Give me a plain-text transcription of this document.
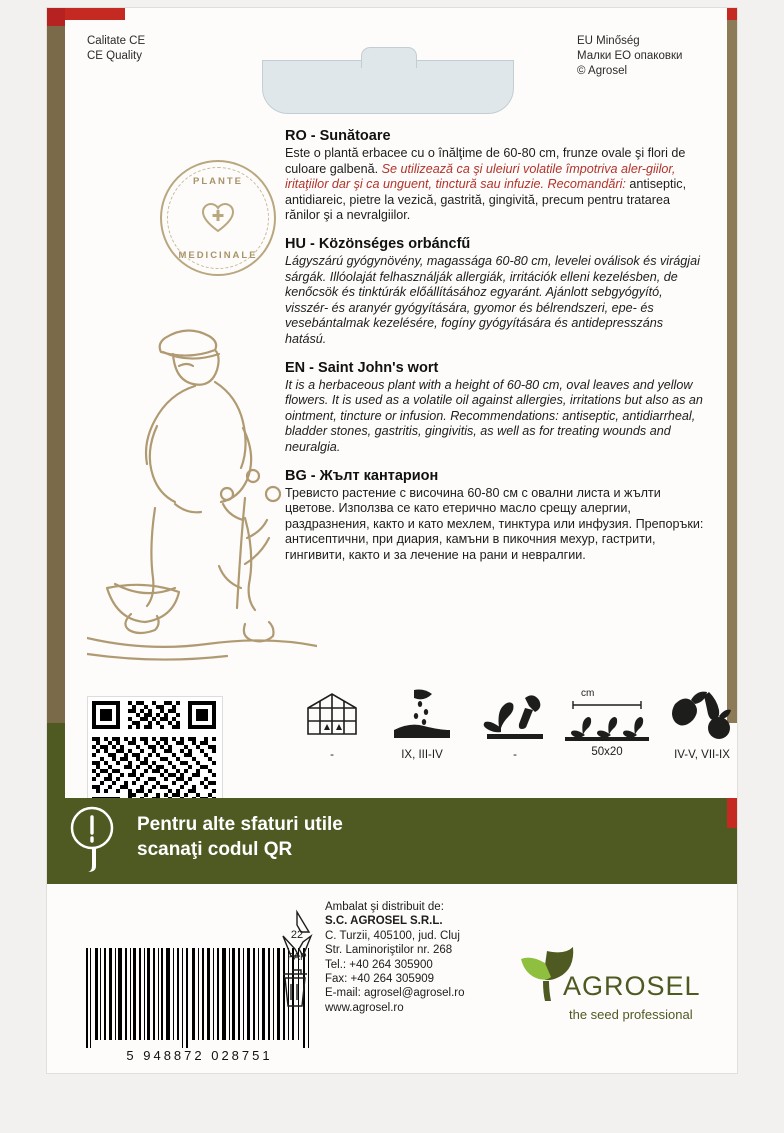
Calitate CE
CE Quality
EU Minőség
Малки ЕО опаковки
© Agrosel
PLANTE
MEDICINALE
RO - Sunătoare

Este o plantă erbacee cu o înălţime de 60-80 cm, frunze ovale şi flori de culoare galbenă. Se utilizează ca şi uleiuri volatile împotriva aler-giilor, iritaţiilor dar şi ca unguent, tinctură sau infuzie. Recomandări: antiseptic, antidiareic, pietre la vezică, gastrită, gingivită, precum pentru tratarea rănilor şi a nevralgiilor.

HU - Közönséges orbáncfű

Lágyszárú gyógynövény, magassága 60-80 cm, levelei oválisok és virágjai sárgák. Illóolaját felhasználják allergiák, irritációk elleni kezelésben, de kenőcsök és tinktúrák előállításához egyaránt. Ajánlott sebgyógyító, visszér- és aranyér gyógyítására, gyomor és bélrendszeri, epe- és vesebántalmak kezelésére, fogíny gyógyítására és antidepresszáns hatású.

EN - Saint John's wort

It is a herbaceous plant with a height of 60-80 cm, oval leaves and yellow flowers. It is used as a volatile oil against allergies, irritations but also as an ointment, tincture or infusion. Recommendations: antiseptic, antidiarrheal, bladder stones, gastritis, gingivitis, as well as for treating wounds and neuralgia.

BG - Жълт кантарион

Тревисто растение с височина 60-80 см с овални листа и жълти цветове. Използва се като етерично масло срещу алергии, раздразнения, както и като мехлем, тинктура или инфузия. Препоръки: антисептични, при диария, камъни в пикочния мехур, гастрити, гингивити, както и за лечение на рани и невралгии.

-	IX, III-IV	-
cm
50x20	IV-V, VII-IX
Pentru alte sfaturi utile
scanaţi codul QR
5 948872 028751
22
PAP
Ambalat şi distribuit de:
S.C. AGROSEL S.R.L.
C. Turzii, 405100, jud. Cluj
Str. Laminoriştilor nr. 268
Tel.: +40 264 305900
Fax: +40 264 305909
E-mail: agrosel@agrosel.ro
www.agrosel.ro
AGROSEL
the seed professional
